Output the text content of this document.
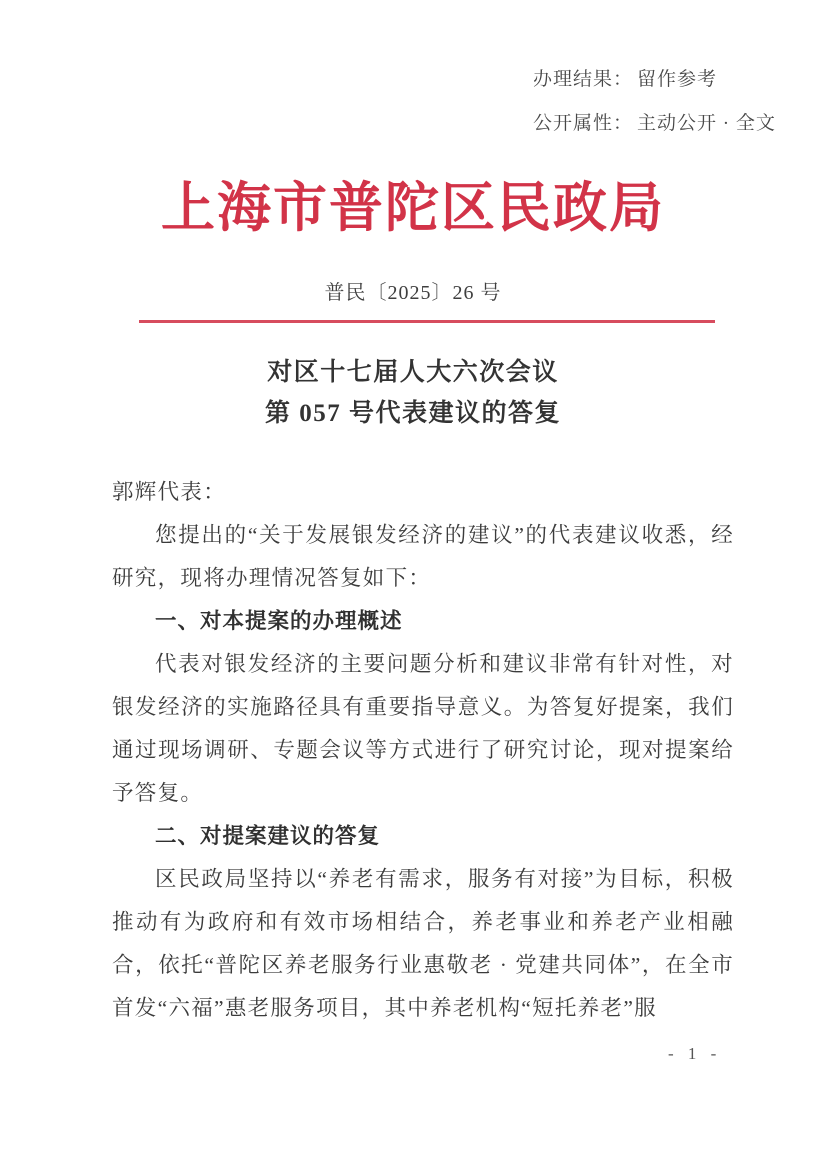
办理结果： 留作参考
公开属性： 主动公开 · 全文
上海市普陀区民政局
普民〔2025〕26 号
对区十七届人大六次会议
第 057 号代表建议的答复
郭辉代表：
您提出的“关于发展银发经济的建议”的代表建议收悉，经研究，现将办理情况答复如下：
一、对本提案的办理概述
代表对银发经济的主要问题分析和建议非常有针对性，对银发经济的实施路径具有重要指导意义。为答复好提案，我们通过现场调研、专题会议等方式进行了研究讨论，现对提案给予答复。
二、对提案建议的答复
区民政局坚持以“养老有需求，服务有对接”为目标，积极推动有为政府和有效市场相结合，养老事业和养老产业相融合，依托“普陀区养老服务行业惠敬老 · 党建共同体”，在全市首发“六福”惠老服务项目，其中养老机构“短托养老”服
- 1 -
